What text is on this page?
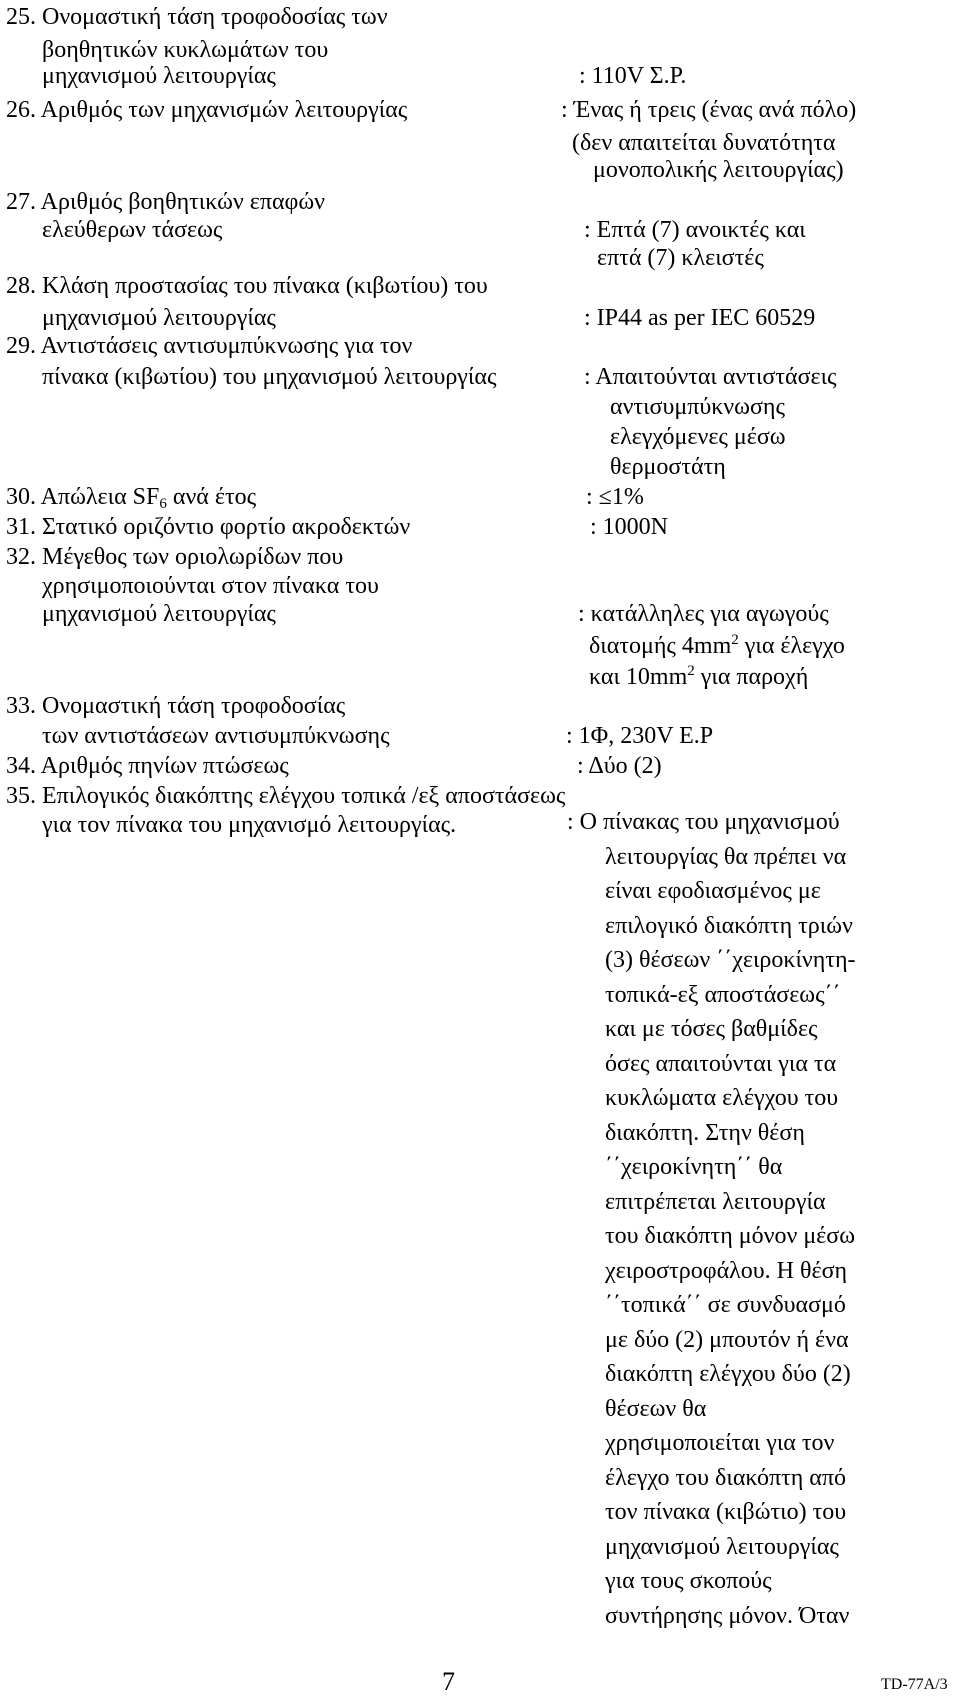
25. Ονομαστική τάση τροφοδοσίας των
βοηθητικών κυκλωμάτων του
μηχανισμού λειτουργίας	: 110V Σ.Ρ.
26. Αριθμός των μηχανισμών λειτουργίας	: Ένας ή τρεις (ένας ανά πόλο)
(δεν απαιτείται δυνατότητα
μονοπολικής λειτουργίας)
27. Αριθμός βοηθητικών επαφών
ελεύθερων τάσεως	: Επτά (7) ανοικτές και
επτά (7) κλειστές
28. Κλάση προστασίας του πίνακα (κιβωτίου) του
μηχανισμού λειτουργίας	: IP44 as per IEC 60529
29. Αντιστάσεις αντισυμπύκνωσης για τον
πίνακα (κιβωτίου) του μηχανισμού λειτουργίας	: Απαιτούνται αντιστάσεις
αντισυμπύκνωσης
ελεγχόμενες μέσω
θερμοστάτη
30. Απώλεια $SF_6$ ανά έτος	: ≤1%
31. Στατικό οριζόντιο φορτίο ακροδεκτών	: 1000N
32. Μέγεθος των οριολωρίδων που
χρησιμοποιούνται στον πίνακα του
μηχανισμού λειτουργίας	: κατάλληλες για αγωγούς
διατομής $4mm^2$ για έλεγχο
και $10mm^2$ για παροχή
33. Ονομαστική τάση τροφοδοσίας
των αντιστάσεων αντισυμπύκνωσης	: 1Φ, 230V Ε.Ρ
34. Αριθμός πηνίων πτώσεως	: Δύο (2)
35. Επιλογικός διακόπτης ελέγχου τοπικά /εξ αποστάσεως
για τον πίνακα του μηχανισμό λειτουργίας.	: Ο πίνακας του μηχανισμού
λειτουργίας θα πρέπει να
είναι εφοδιασμένος με
επιλογικό διακόπτη τριών
(3) θέσεων ΄΄χειροκίνητη-
τοπικά-εξ αποστάσεως΄΄
και με τόσες βαθμίδες
όσες απαιτούνται για τα
κυκλώματα ελέγχου του
διακόπτη. Στην θέση
΄΄χειροκίνητη΄΄ θα
επιτρέπεται λειτουργία
του διακόπτη μόνον μέσω
χειροστροφάλου. Η θέση
΄΄τοπικά΄΄ σε συνδυασμό
με δύο (2) μπουτόν ή ένα
διακόπτη ελέγχου δύο (2)
θέσεων θα
χρησιμοποιείται για τον
έλεγχο του διακόπτη από
τον πίνακα (κιβώτιο) του
μηχανισμού λειτουργίας
για τους σκοπούς
συντήρησης μόνον. Όταν
7	TD-77A/3
